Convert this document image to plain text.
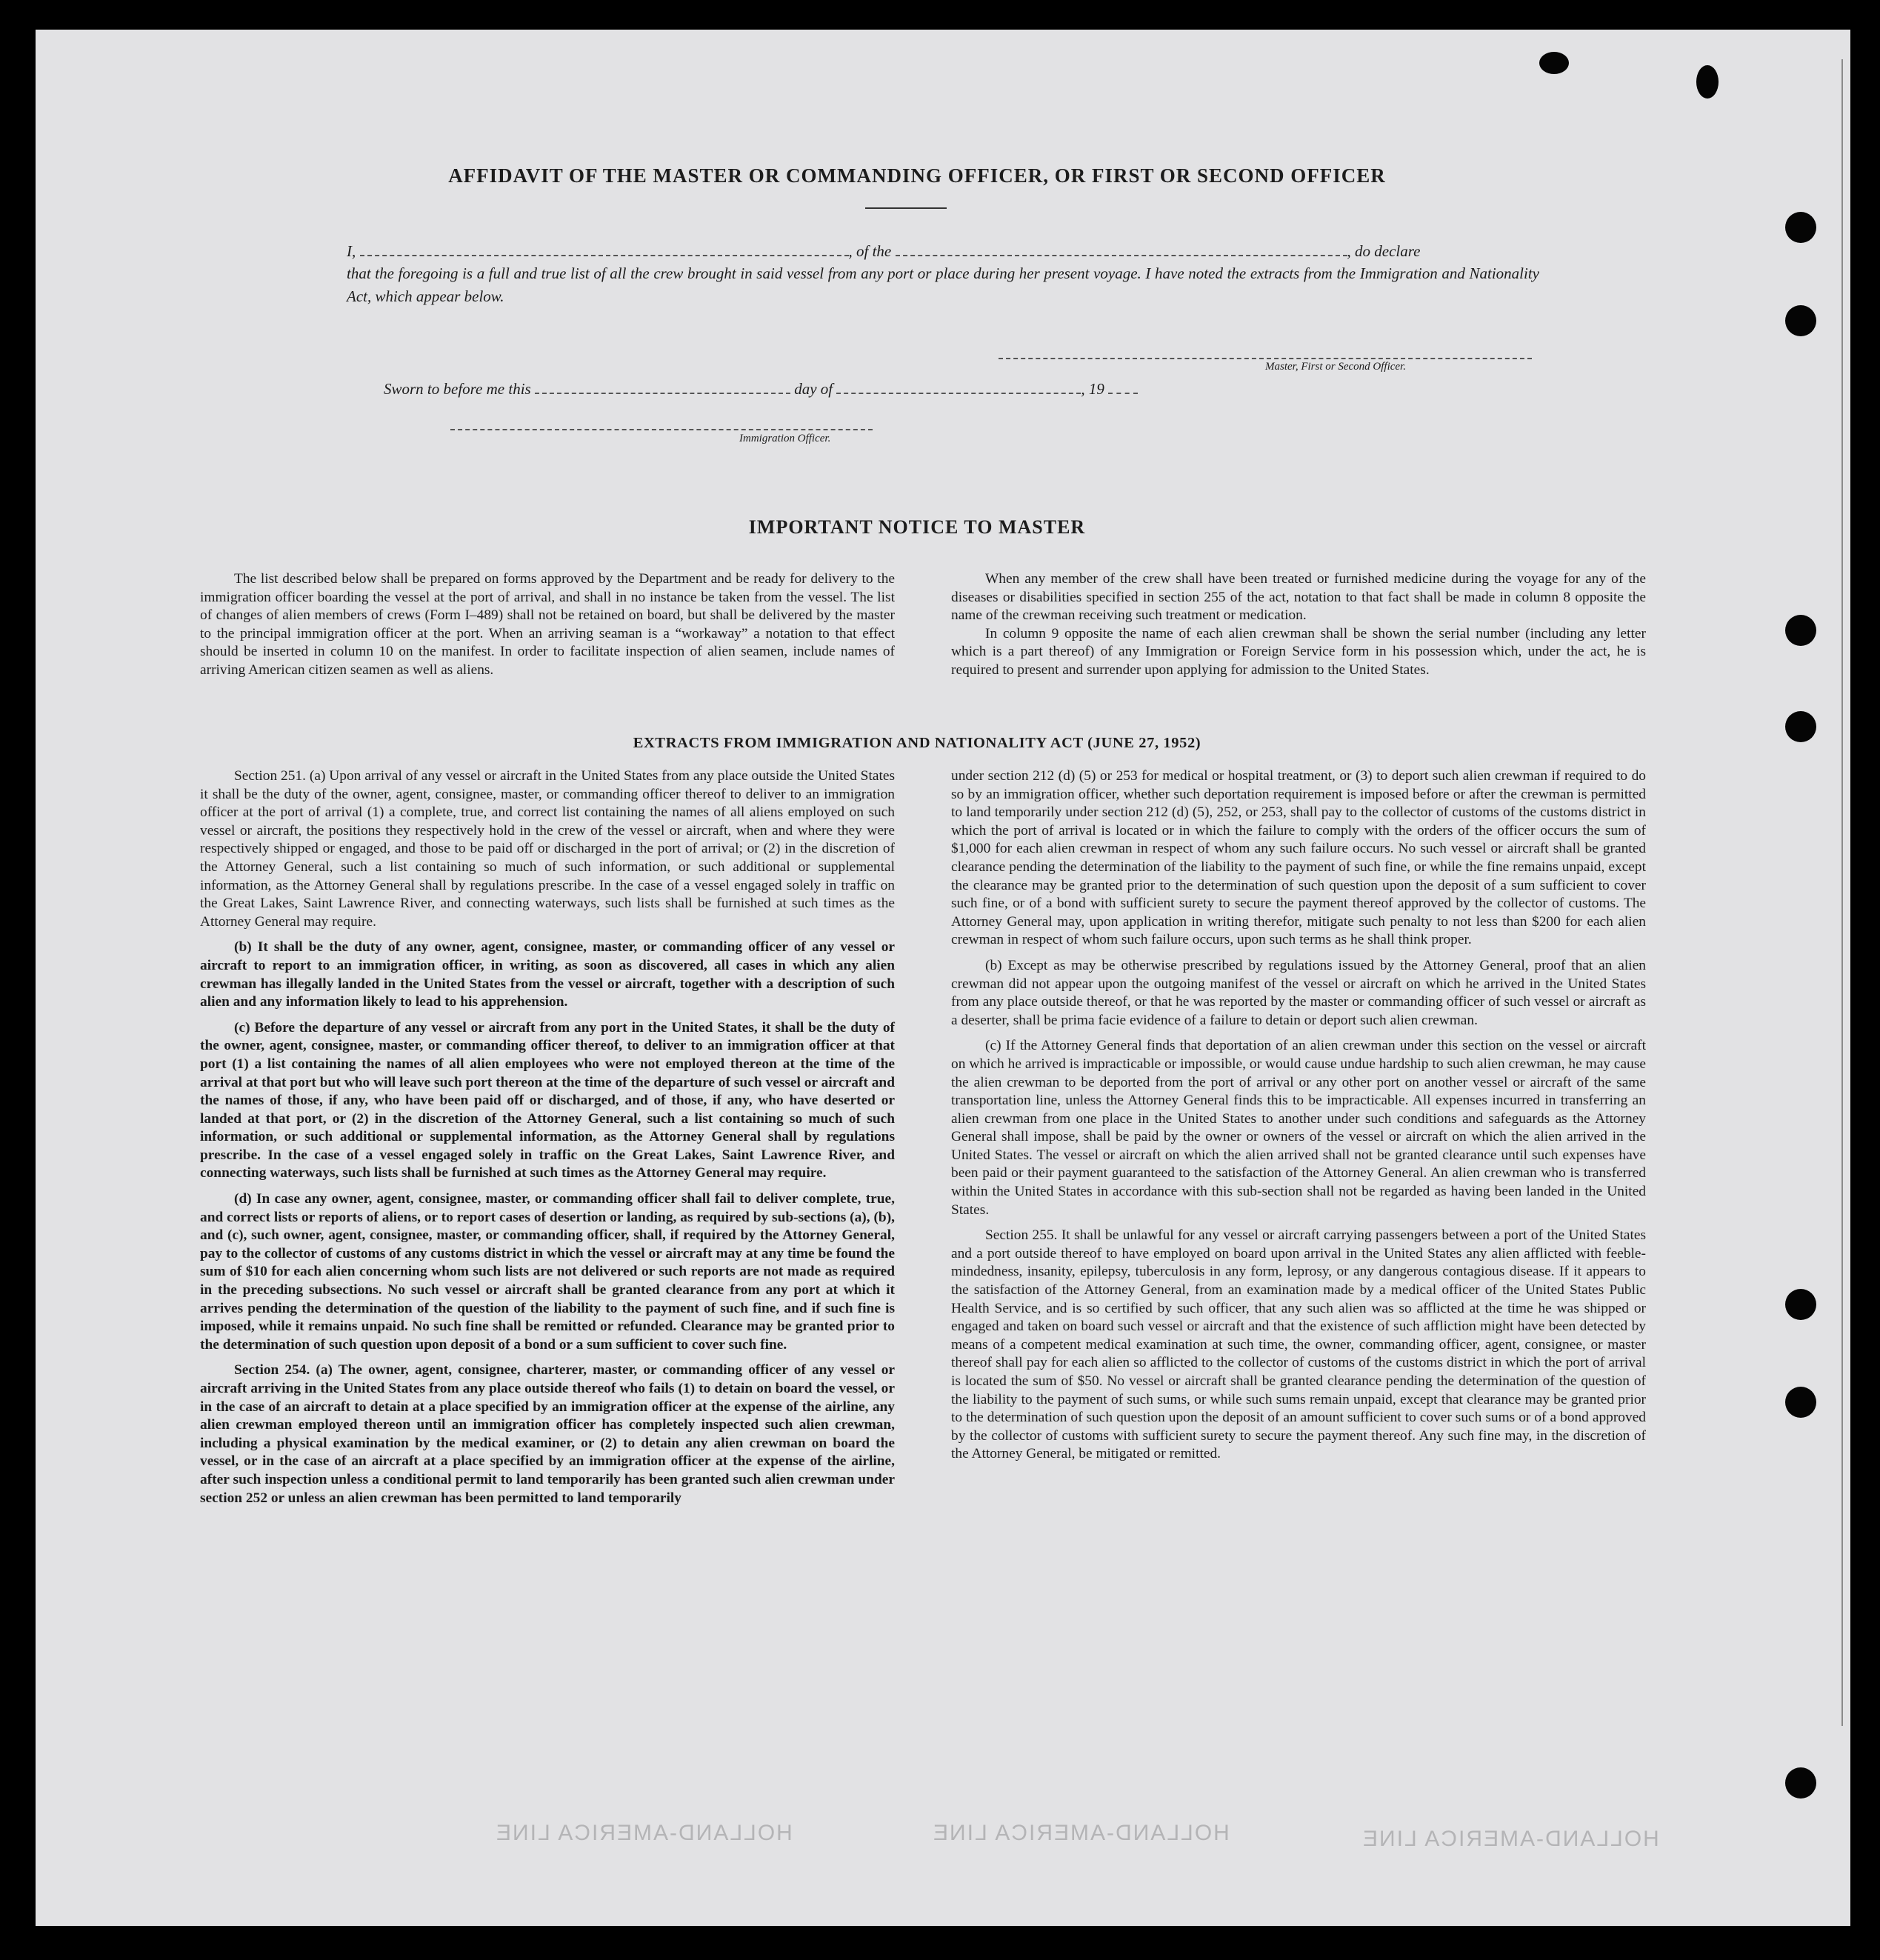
AFFIDAVIT OF THE MASTER OR COMMANDING OFFICER, OR FIRST OR SECOND OFFICER
I,	, of the	, do declare
that the foregoing is a full and true list of all the crew brought in said vessel from any port or place during her present voyage. I have noted the extracts from the Immigration and Nationality Act, which appear below.
Master, First or Second Officer.
Sworn to before me this	day of	, 19
Immigration Officer.
IMPORTANT NOTICE TO MASTER

The list described below shall be prepared on forms approved by the Department and be ready for delivery to the immigration officer boarding the vessel at the port of arrival, and shall in no instance be taken from the vessel. The list of changes of alien members of crews (Form I–489) shall not be retained on board, but shall be delivered by the master to the principal immigration officer at the port. When an arriving seaman is a “workaway” a notation to that effect should be inserted in column 10 on the manifest. In order to facilitate inspection of alien seamen, include names of arriving American citizen seamen as well as aliens.

When any member of the crew shall have been treated or furnished medicine during the voyage for any of the diseases or disabilities specified in section 255 of the act, notation to that fact shall be made in column 8 opposite the name of the crewman receiving such treatment or medication.

In column 9 opposite the name of each alien crewman shall be shown the serial number (including any letter which is a part thereof) of any Immigration or Foreign Service form in his possession which, under the act, he is required to present and surrender upon applying for admission to the United States.

EXTRACTS FROM IMMIGRATION AND NATIONALITY ACT (JUNE 27, 1952)

Section 251. (a) Upon arrival of any vessel or aircraft in the United States from any place outside the United States it shall be the duty of the owner, agent, consignee, master, or commanding officer thereof to deliver to an immigration officer at the port of arrival (1) a complete, true, and correct list containing the names of all aliens employed on such vessel or aircraft, the positions they respectively hold in the crew of the vessel or aircraft, when and where they were respectively shipped or engaged, and those to be paid off or discharged in the port of arrival; or (2) in the discretion of the Attorney General, such a list containing so much of such information, or such additional or supplemental information, as the Attorney General shall by regulations prescribe. In the case of a vessel engaged solely in traffic on the Great Lakes, Saint Lawrence River, and connecting waterways, such lists shall be furnished at such times as the Attorney General may require.

(b) It shall be the duty of any owner, agent, consignee, master, or commanding officer of any vessel or aircraft to report to an immigration officer, in writing, as soon as discovered, all cases in which any alien crewman has illegally landed in the United States from the vessel or aircraft, together with a description of such alien and any information likely to lead to his apprehension.

(c) Before the departure of any vessel or aircraft from any port in the United States, it shall be the duty of the owner, agent, consignee, master, or commanding officer thereof, to deliver to an immigration officer at that port (1) a list containing the names of all alien employees who were not employed thereon at the time of the arrival at that port but who will leave such port thereon at the time of the departure of such vessel or aircraft and the names of those, if any, who have been paid off or discharged, and of those, if any, who have deserted or landed at that port, or (2) in the discretion of the Attorney General, such a list containing so much of such information, or such additional or supplemental information, as the Attorney General shall by regulations prescribe. In the case of a vessel engaged solely in traffic on the Great Lakes, Saint Lawrence River, and connecting waterways, such lists shall be furnished at such times as the Attorney General may require.

(d) In case any owner, agent, consignee, master, or commanding officer shall fail to deliver complete, true, and correct lists or reports of aliens, or to report cases of desertion or landing, as required by sub-sections (a), (b), and (c), such owner, agent, consignee, master, or commanding officer, shall, if required by the Attorney General, pay to the collector of customs of any customs district in which the vessel or aircraft may at any time be found the sum of $10 for each alien concerning whom such lists are not delivered or such reports are not made as required in the preceding subsections. No such vessel or aircraft shall be granted clearance from any port at which it arrives pending the determination of the question of the liability to the payment of such fine, and if such fine is imposed, while it remains unpaid. No such fine shall be remitted or refunded. Clearance may be granted prior to the determination of such question upon deposit of a bond or a sum sufficient to cover such fine.

Section 254. (a) The owner, agent, consignee, charterer, master, or commanding officer of any vessel or aircraft arriving in the United States from any place outside thereof who fails (1) to detain on board the vessel, or in the case of an aircraft to detain at a place specified by an immigration officer at the expense of the airline, any alien crewman employed thereon until an immigration officer has completely inspected such alien crewman, including a physical examination by the medical examiner, or (2) to detain any alien crewman on board the vessel, or in the case of an aircraft at a place specified by an immigration officer at the expense of the airline, after such inspection unless a conditional permit to land temporarily has been granted such alien crewman under section 252 or unless an alien crewman has been permitted to land temporarily

under section 212 (d) (5) or 253 for medical or hospital treatment, or (3) to deport such alien crewman if required to do so by an immigration officer, whether such deportation requirement is imposed before or after the crewman is permitted to land temporarily under section 212 (d) (5), 252, or 253, shall pay to the collector of customs of the customs district in which the port of arrival is located or in which the failure to comply with the orders of the officer occurs the sum of $1,000 for each alien crewman in respect of whom any such failure occurs. No such vessel or aircraft shall be granted clearance pending the determination of the liability to the payment of such fine, or while the fine remains unpaid, except the clearance may be granted prior to the determination of such question upon the deposit of a sum sufficient to cover such fine, or of a bond with sufficient surety to secure the payment thereof approved by the collector of customs. The Attorney General may, upon application in writing therefor, mitigate such penalty to not less than $200 for each alien crewman in respect of whom such failure occurs, upon such terms as he shall think proper.

(b) Except as may be otherwise prescribed by regulations issued by the Attorney General, proof that an alien crewman did not appear upon the outgoing manifest of the vessel or aircraft on which he arrived in the United States from any place outside thereof, or that he was reported by the master or commanding officer of such vessel or aircraft as a deserter, shall be prima facie evidence of a failure to detain or deport such alien crewman.

(c) If the Attorney General finds that deportation of an alien crewman under this section on the vessel or aircraft on which he arrived is impracticable or impossible, or would cause undue hardship to such alien crewman, he may cause the alien crewman to be deported from the port of arrival or any other port on another vessel or aircraft of the same transportation line, unless the Attorney General finds this to be impracticable. All expenses incurred in transferring an alien crewman from one place in the United States to another under such conditions and safeguards as the Attorney General shall impose, shall be paid by the owner or owners of the vessel or aircraft on which the alien arrived in the United States. The vessel or aircraft on which the alien arrived shall not be granted clearance until such expenses have been paid or their payment guaranteed to the satisfaction of the Attorney General. An alien crewman who is transferred within the United States in accordance with this sub-section shall not be regarded as having been landed in the United States.

Section 255. It shall be unlawful for any vessel or aircraft carrying passengers between a port of the United States and a port outside thereof to have employed on board upon arrival in the United States any alien afflicted with feeble-mindedness, insanity, epilepsy, tuberculosis in any form, leprosy, or any dangerous contagious disease. If it appears to the satisfaction of the Attorney General, from an examination made by a medical officer of the United States Public Health Service, and is so certified by such officer, that any such alien was so afflicted at the time he was shipped or engaged and taken on board such vessel or aircraft and that the existence of such affliction might have been detected by means of a competent medical examination at such time, the owner, commanding officer, agent, consignee, or master thereof shall pay for each alien so afflicted to the collector of customs of the customs district in which the port of arrival is located the sum of $50. No vessel or aircraft shall be granted clearance pending the determination of the question of the liability to the payment of such sums, or while such sums remain unpaid, except that clearance may be granted prior to the determination of such question upon the deposit of an amount sufficient to cover such sums or of a bond approved by the collector of customs with sufficient surety to secure the payment thereof. Any such fine may, in the discretion of the Attorney General, be mitigated or remitted.

HOLLAND-AMERICA LINE	HOLLAND-AMERICA LINE	HOLLAND-AMERICA LINE
